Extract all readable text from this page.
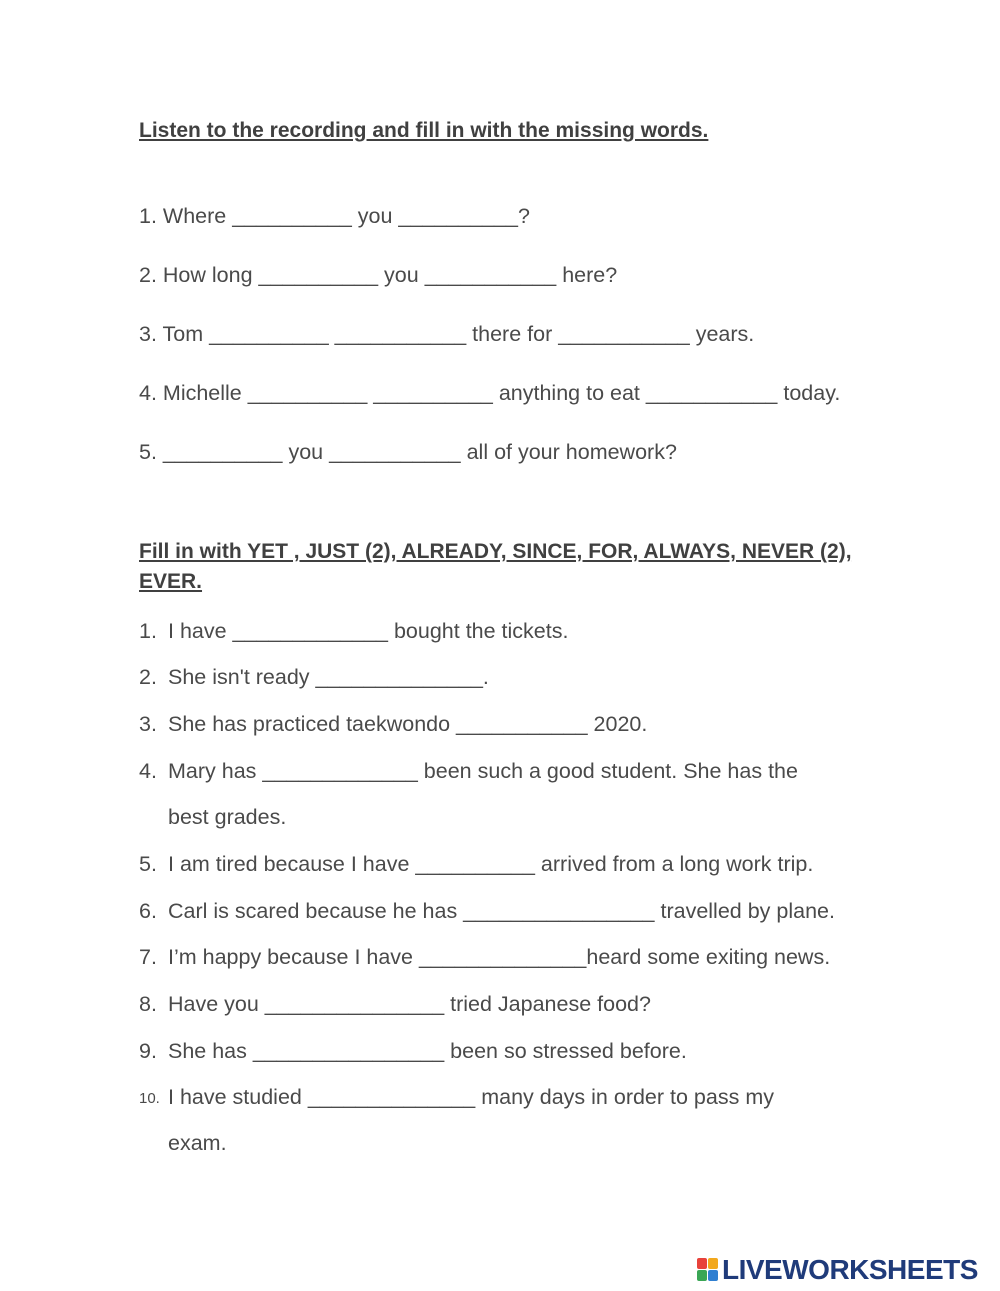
Listen to the recording and fill in with the missing words.
1. Where __________ you __________?
2. How long __________ you ___________ here?
3. Tom __________ ___________ there for ___________ years.
4. Michelle __________ __________ anything to eat ___________ today.
5. __________ you ___________ all of your homework?
Fill in with YET , JUST (2), ALREADY, SINCE, FOR, ALWAYS, NEVER (2), EVER.
1. I have _____________ bought the tickets.
2. She isn't ready ______________.
3. She has practiced taekwondo ___________ 2020.
4. Mary has _____________ been such a good student. She has the
best grades.
5. I am tired because I have __________ arrived from a long work trip.
6. Carl is scared because he has ________________ travelled by plane.
7. I’m happy because I have ______________heard some exiting news.
8. Have you _______________ tried Japanese food?
9. She has ________________ been so stressed before.
10. I have studied ______________ many days in order to pass my
exam.
LIVEWORKSHEETS
